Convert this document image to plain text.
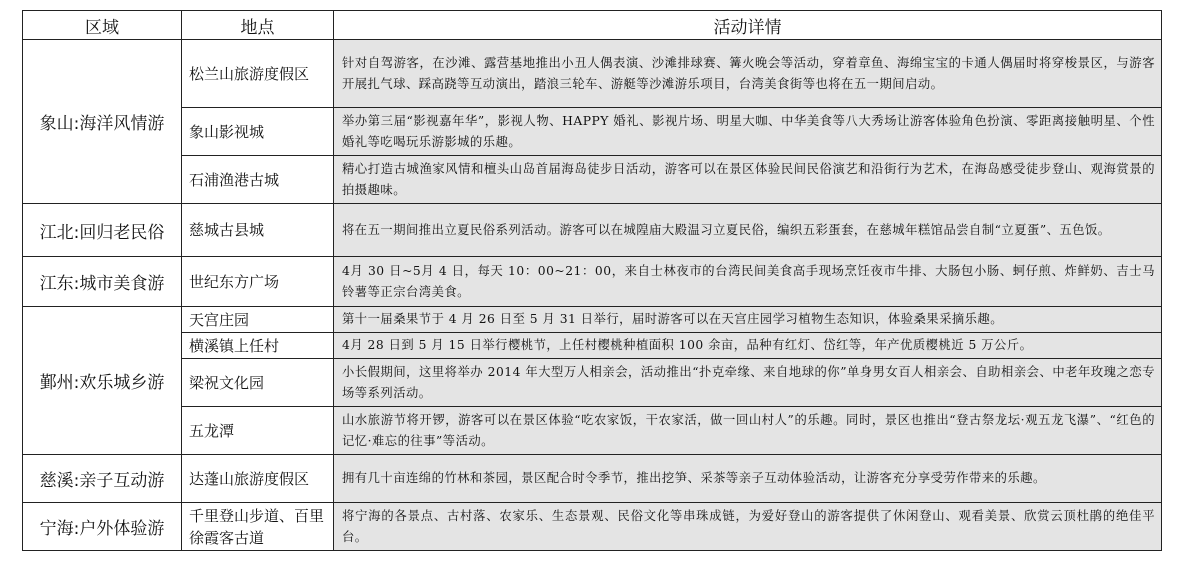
区域	地点	活动详情
象山:海洋风情游	松兰山旅游度假区	针对自驾游客，在沙滩、露营基地推出小丑人偶表演、沙滩排球赛、篝火晚会等活动，穿着章鱼、海绵宝宝的卡通人偶届时将穿梭景区，与游客开展扎气球、踩高跷等互动演出，踏浪三轮车、游艇等沙滩游乐项目，台湾美食街等也将在五一期间启动。
	象山影视城	举办第三届“影视嘉年华”，影视人物、HAPPY 婚礼、影视片场、明星大咖、中华美食等八大秀场让游客体验角色扮演、零距离接触明星、个性婚礼等吃喝玩乐游影城的乐趣。
	石浦渔港古城	精心打造古城渔家风情和檀头山岛首届海岛徒步日活动，游客可以在景区体验民间民俗演艺和沿街行为艺术，在海岛感受徒步登山、观海赏景的拍摄趣味。
江北:回归老民俗	慈城古县城	将在五一期间推出立夏民俗系列活动。游客可以在城隍庙大殿温习立夏民俗，编织五彩蛋套，在慈城年糕馆品尝自制“立夏蛋”、五色饭。
江东:城市美食游	世纪东方广场	4月 30 日~5月 4 日，每天 10：00~21：00，来自士林夜市的台湾民间美食高手现场烹饪夜市牛排、大肠包小肠、蚵仔煎、炸鲜奶、吉士马铃薯等正宗台湾美食。
鄞州:欢乐城乡游	天宫庄园	第十一届桑果节于 4 月 26 日至 5 月 31 日举行，届时游客可以在天宫庄园学习植物生态知识，体验桑果采摘乐趣。
	横溪镇上任村	4月 28 日到 5 月 15 日举行樱桃节，上任村樱桃种植面积 100 余亩，品种有红灯、岱红等，年产优质樱桃近 5 万公斤。
	梁祝文化园	小长假期间，这里将举办 2014 年大型万人相亲会，活动推出“扑克牵缘、来自地球的你”单身男女百人相亲会、自助相亲会、中老年玫瑰之恋专场等系列活动。
	五龙潭	山水旅游节将开锣，游客可以在景区体验“吃农家饭，干农家活，做一回山村人”的乐趣。同时，景区也推出“登古祭龙坛·观五龙飞瀑”、“红色的记忆·难忘的往事”等活动。
慈溪:亲子互动游	达蓬山旅游度假区	拥有几十亩连绵的竹林和茶园，景区配合时令季节，推出挖笋、采茶等亲子互动体验活动，让游客充分享受劳作带来的乐趣。
宁海:户外体验游	千里登山步道、百里徐霞客古道	将宁海的各景点、古村落、农家乐、生态景观、民俗文化等串珠成链，为爱好登山的游客提供了休闲登山、观看美景、欣赏云顶杜鹃的绝佳平台。
